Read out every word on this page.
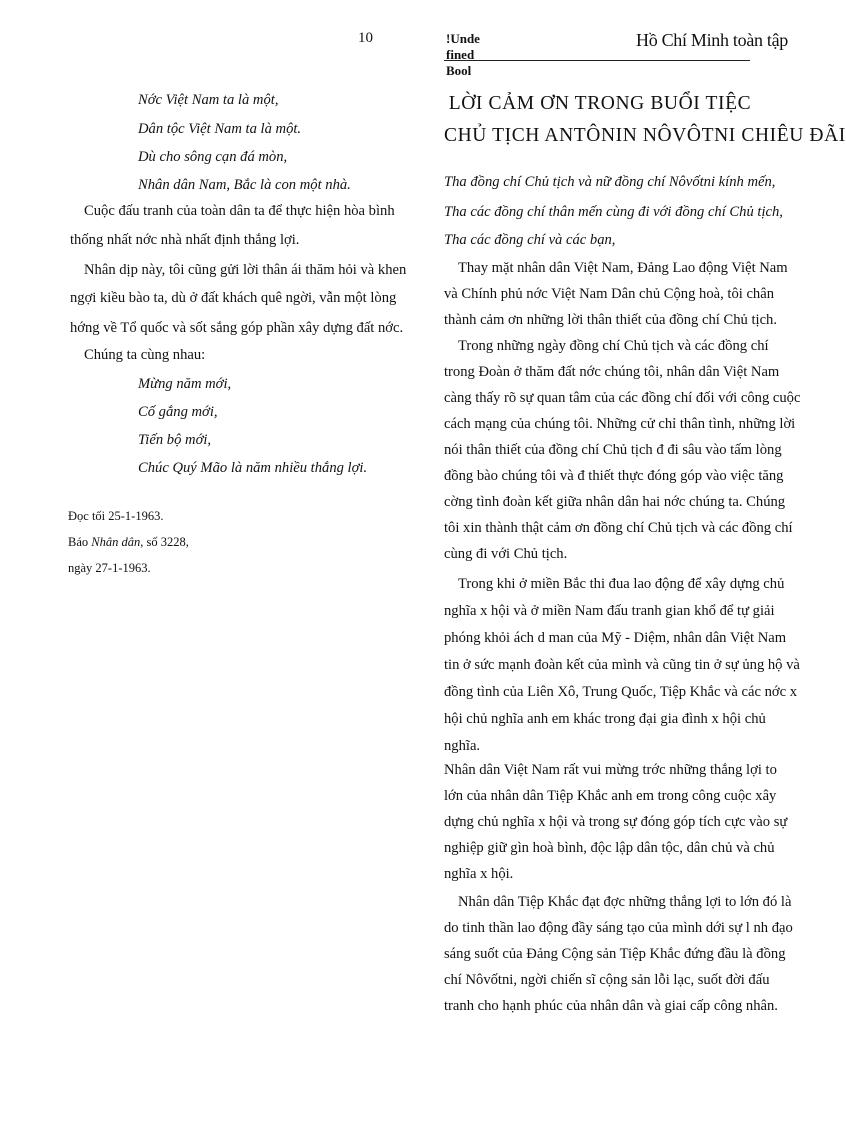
10	!Unde
fined
Bool
Hồ Chí Minh toàn tập
Nớc Việt Nam ta là một,
Dân tộc Việt Nam ta là một.
Dù cho sông cạn đá mòn,
Nhân dân Nam, Bắc là con một nhà.
Cuộc đấu tranh của toàn dân ta để thực hiện hòa bình
thống nhất nớc nhà nhất định thắng lợi.
Nhân dịp này, tôi cũng gửi lời thân ái thăm hỏi và khen
ngợi kiều bào ta, dù ở đất khách quê ngời, vẫn một lòng
hớng về Tổ quốc và sốt sắng góp phần xây dựng đất nớc.
Chúng ta cùng nhau:
Mừng năm mới,
Cố gắng mới,
Tiến bộ mới,
Chúc Quý Mão là năm nhiều thắng lợi.
Đọc tối 25-1-1963.
Báo Nhân dân, số 3228,
ngày 27-1-1963.
LỜI CẢM ƠN TRONG BUỔI TIỆC
CHỦ TỊCH ANTÔNIN NÔVÔTNI CHIÊU ĐÃI
Tha đồng chí Chủ tịch và nữ đồng chí Nôvốtni kính mến,
Tha các đồng chí thân mến cùng đi với đồng chí Chủ tịch,
Tha các đồng chí và các bạn,
Thay mặt nhân dân Việt Nam, Đảng Lao động Việt Nam
và Chính phủ nớc Việt Nam Dân chủ Cộng hoà, tôi chân
thành cảm ơn những lời thân thiết của đồng chí Chủ tịch.
Trong những ngày đồng chí Chủ tịch và các đồng chí
trong Đoàn ở thăm đất nớc chúng tôi, nhân dân Việt Nam
càng thấy rõ sự quan tâm của các đồng chí đối với công cuộc
cách mạng của chúng tôi. Những cử chỉ thân tình, những lời
nói thân thiết của đồng chí Chủ tịch đ đi sâu vào tấm lòng
đồng bào chúng tôi và đ thiết thực đóng góp vào việc tăng
cờng tình đoàn kết giữa nhân dân hai nớc chúng ta. Chúng
tôi xin thành thật cảm ơn đồng chí Chủ tịch và các đồng chí
cùng đi với Chủ tịch.
Trong khi ở miền Bắc thi đua lao động để xây dựng chủ
nghĩa x hội và ở miền Nam đấu tranh gian khổ để tự giải
phóng khỏi ách d man của Mỹ - Diệm, nhân dân Việt Nam
tin ở sức mạnh đoàn kết của mình và cũng tin ở sự ủng hộ và
đồng tình của Liên Xô, Trung Quốc, Tiệp Khắc và các nớc x
hội chủ nghĩa anh em khác trong đại gia đình x hội chủ
nghĩa.
Nhân dân Việt Nam rất vui mừng trớc những thắng lợi to
lớn của nhân dân Tiệp Khắc anh em trong công cuộc xây
dựng chủ nghĩa x hội và trong sự đóng góp tích cực vào sự
nghiệp giữ gìn hoà bình, độc lập dân tộc, dân chủ và chủ
nghĩa x hội.
Nhân dân Tiệp Khắc đạt đợc những thắng lợi to lớn đó là
do tinh thần lao động đầy sáng tạo của mình dới sự l nh đạo
sáng suốt của Đảng Cộng sản Tiệp Khắc đứng đầu là đồng
chí Nôvốtni, ngời chiến sĩ cộng sản lỗi lạc, suốt đời đấu
tranh cho hạnh phúc của nhân dân và giai cấp công nhân.
